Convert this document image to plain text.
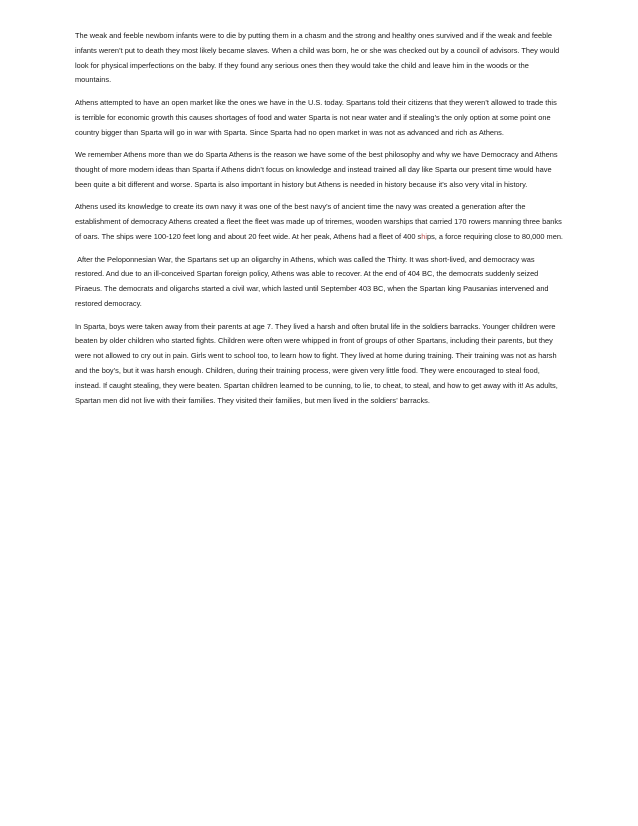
The weak and feeble newborn infants were to die by putting them in a chasm and the strong and healthy ones survived and if the weak and feeble infants weren’t put to death they most likely became slaves. When a child was born, he or she was checked out by a council of advisors. They would look for physical imperfections on the baby. If they found any serious ones then they would take the child and leave him in the woods or the mountains.

Athens attempted to have an open market like the ones we have in the U.S. today. Spartans told their citizens that they weren’t allowed to trade this is terrible for economic growth this causes shortages of food and water Sparta is not near water and if stealing’s the only option at some point one country bigger than Sparta will go in war with Sparta. Since Sparta had no open market in was not as advanced and rich as Athens.

We remember Athens more than we do Sparta Athens is the reason we have some of the best philosophy and why we have Democracy and Athens thought of more modern ideas than Sparta if Athens didn’t focus on knowledge and instead trained all day like Sparta our present time would have been quite a bit different and worse. Sparta is also important in history but Athens is needed in history because it’s also very vital in history.

Athens used its knowledge to create its own navy it was one of the best navy’s of ancient time the navy was created a generation after the establishment of democracy Athens created a fleet the fleet was made up of triremes, wooden warships that carried 170 rowers manning three banks of oars. The ships were 100-120 feet long and about 20 feet wide. At her peak, Athens had a fleet of 400 ships, a force requiring close to 80,000 men.

After the Peloponnesian War, the Spartans set up an oligarchy in Athens, which was called the Thirty. It was short-lived, and democracy was restored. And due to an ill-conceived Spartan foreign policy, Athens was able to recover. At the end of 404 BC, the democrats suddenly seized Piraeus. The democrats and oligarchs started a civil war, which lasted until September 403 BC, when the Spartan king Pausanias intervened and restored democracy.

In Sparta, boys were taken away from their parents at age 7. They lived a harsh and often brutal life in the soldiers barracks. Younger children were beaten by older children who started fights. Children were often were whipped in front of groups of other Spartans, including their parents, but they were not allowed to cry out in pain. Girls went to school too, to learn how to fight. They lived at home during training. Their training was not as harsh and the boy’s, but it was harsh enough. Children, during their training process, were given very little food. They were encouraged to steal food, instead. If caught stealing, they were beaten. Spartan children learned to be cunning, to lie, to cheat, to steal, and how to get away with it! As adults, Spartan men did not live with their families. They visited their families, but men lived in the soldiers’ barracks.
